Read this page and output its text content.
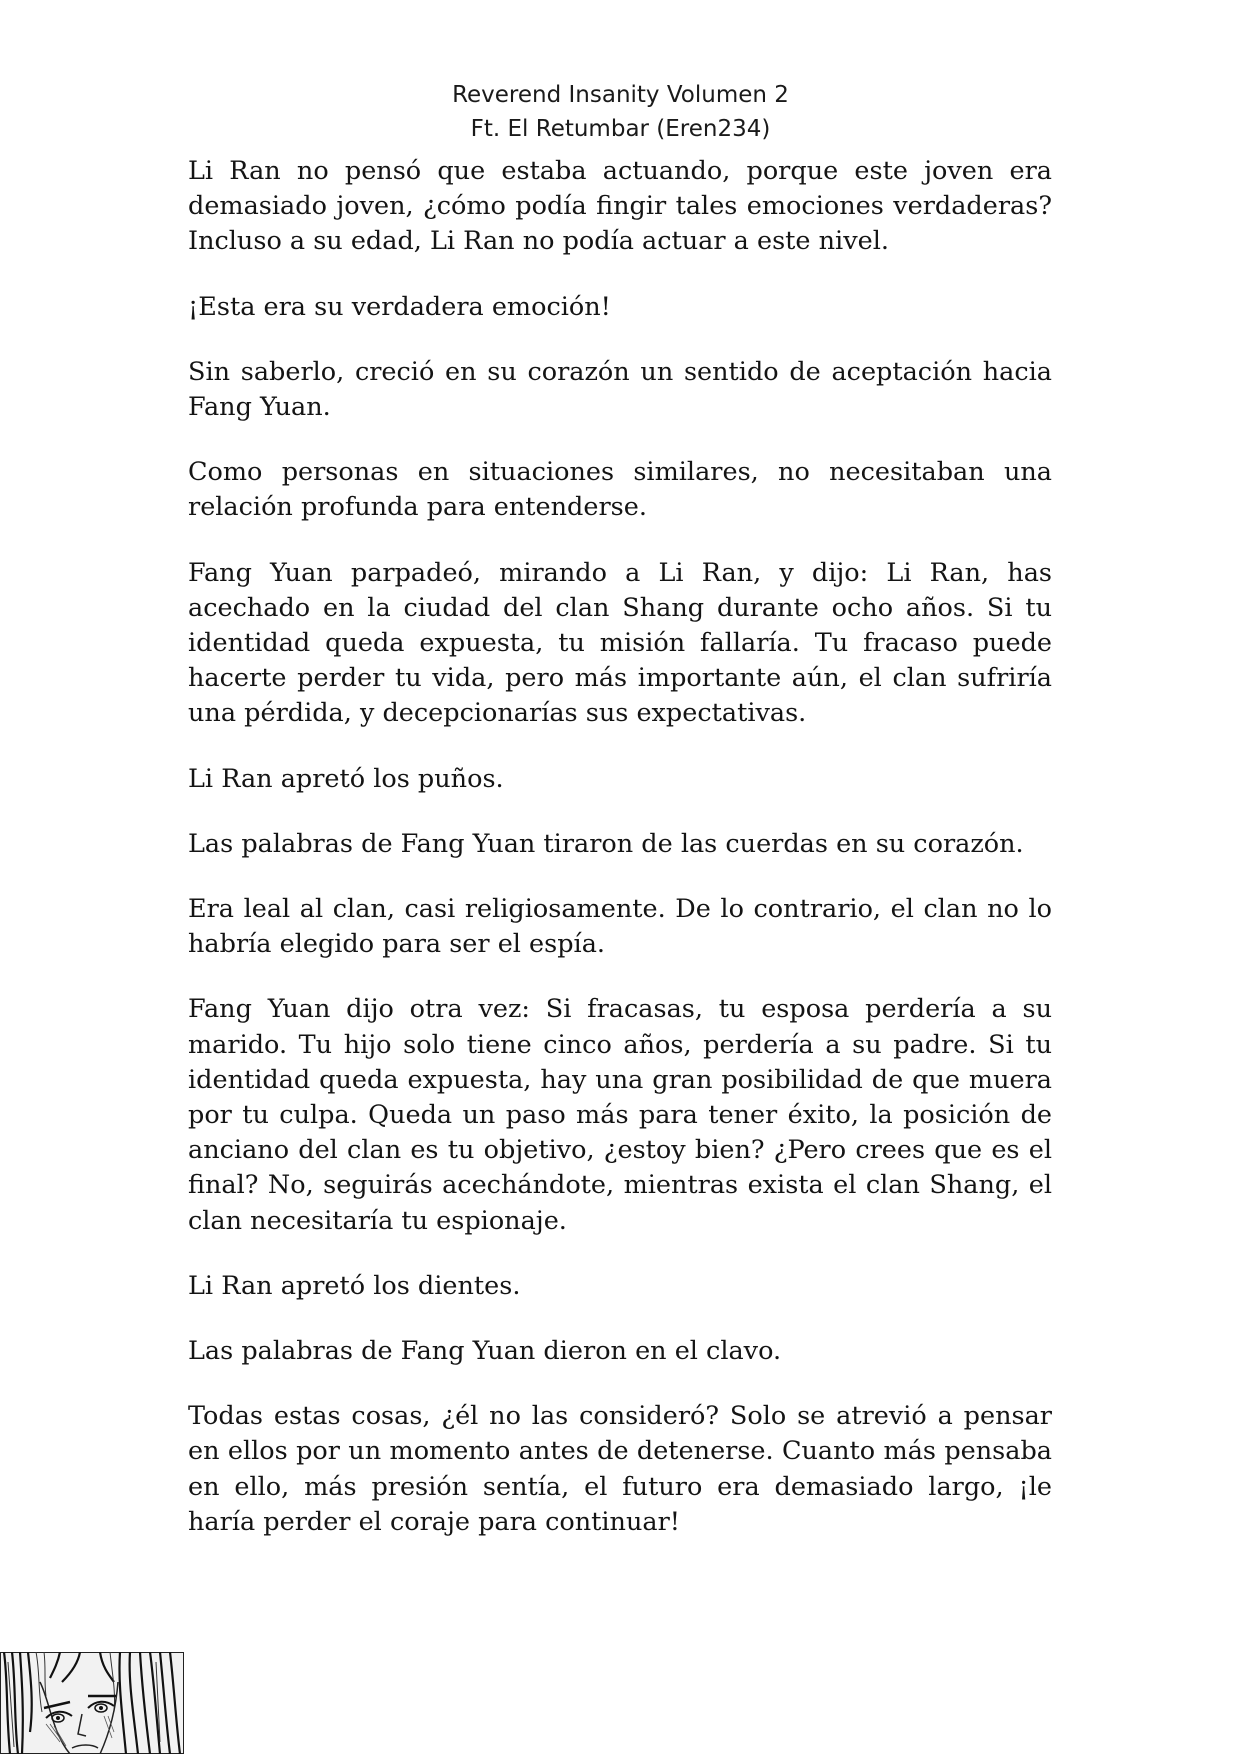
Reverend Insanity Volumen 2
Ft. El Retumbar (Eren234)

Li Ran no pensó que estaba actuando, porque este joven era demasiado joven, ¿cómo podía fingir tales emociones verdaderas? Incluso a su edad, Li Ran no podía actuar a este nivel.

¡Esta era su verdadera emoción!

Sin saberlo, creció en su corazón un sentido de aceptación hacia Fang Yuan.

Como personas en situaciones similares, no necesitaban una relación profunda para entenderse.

Fang Yuan parpadeó, mirando a Li Ran, y dijo: Li Ran, has acechado en la ciudad del clan Shang durante ocho años. Si tu identidad queda expuesta, tu misión fallaría. Tu fracaso puede hacerte perder tu vida, pero más importante aún, el clan sufriría una pérdida, y decepcionarías sus expectativas.

Li Ran apretó los puños.

Las palabras de Fang Yuan tiraron de las cuerdas en su corazón.

Era leal al clan, casi religiosamente. De lo contrario, el clan no lo habría elegido para ser el espía.

Fang Yuan dijo otra vez: Si fracasas, tu esposa perdería a su marido. Tu hijo solo tiene cinco años, perdería a su padre. Si tu identidad queda expuesta, hay una gran posibilidad de que muera por tu culpa. Queda un paso más para tener éxito, la posición de anciano del clan es tu objetivo, ¿estoy bien? ¿Pero crees que es el final? No, seguirás acechándote, mientras exista el clan Shang, el clan necesitaría tu espionaje.

Li Ran apretó los dientes.

Las palabras de Fang Yuan dieron en el clavo.

Todas estas cosas, ¿él no las consideró? Solo se atrevió a pensar en ellos por un momento antes de detenerse. Cuanto más pensaba en ello, más presión sentía, el futuro era demasiado largo, ¡le haría perder el coraje para continuar!
